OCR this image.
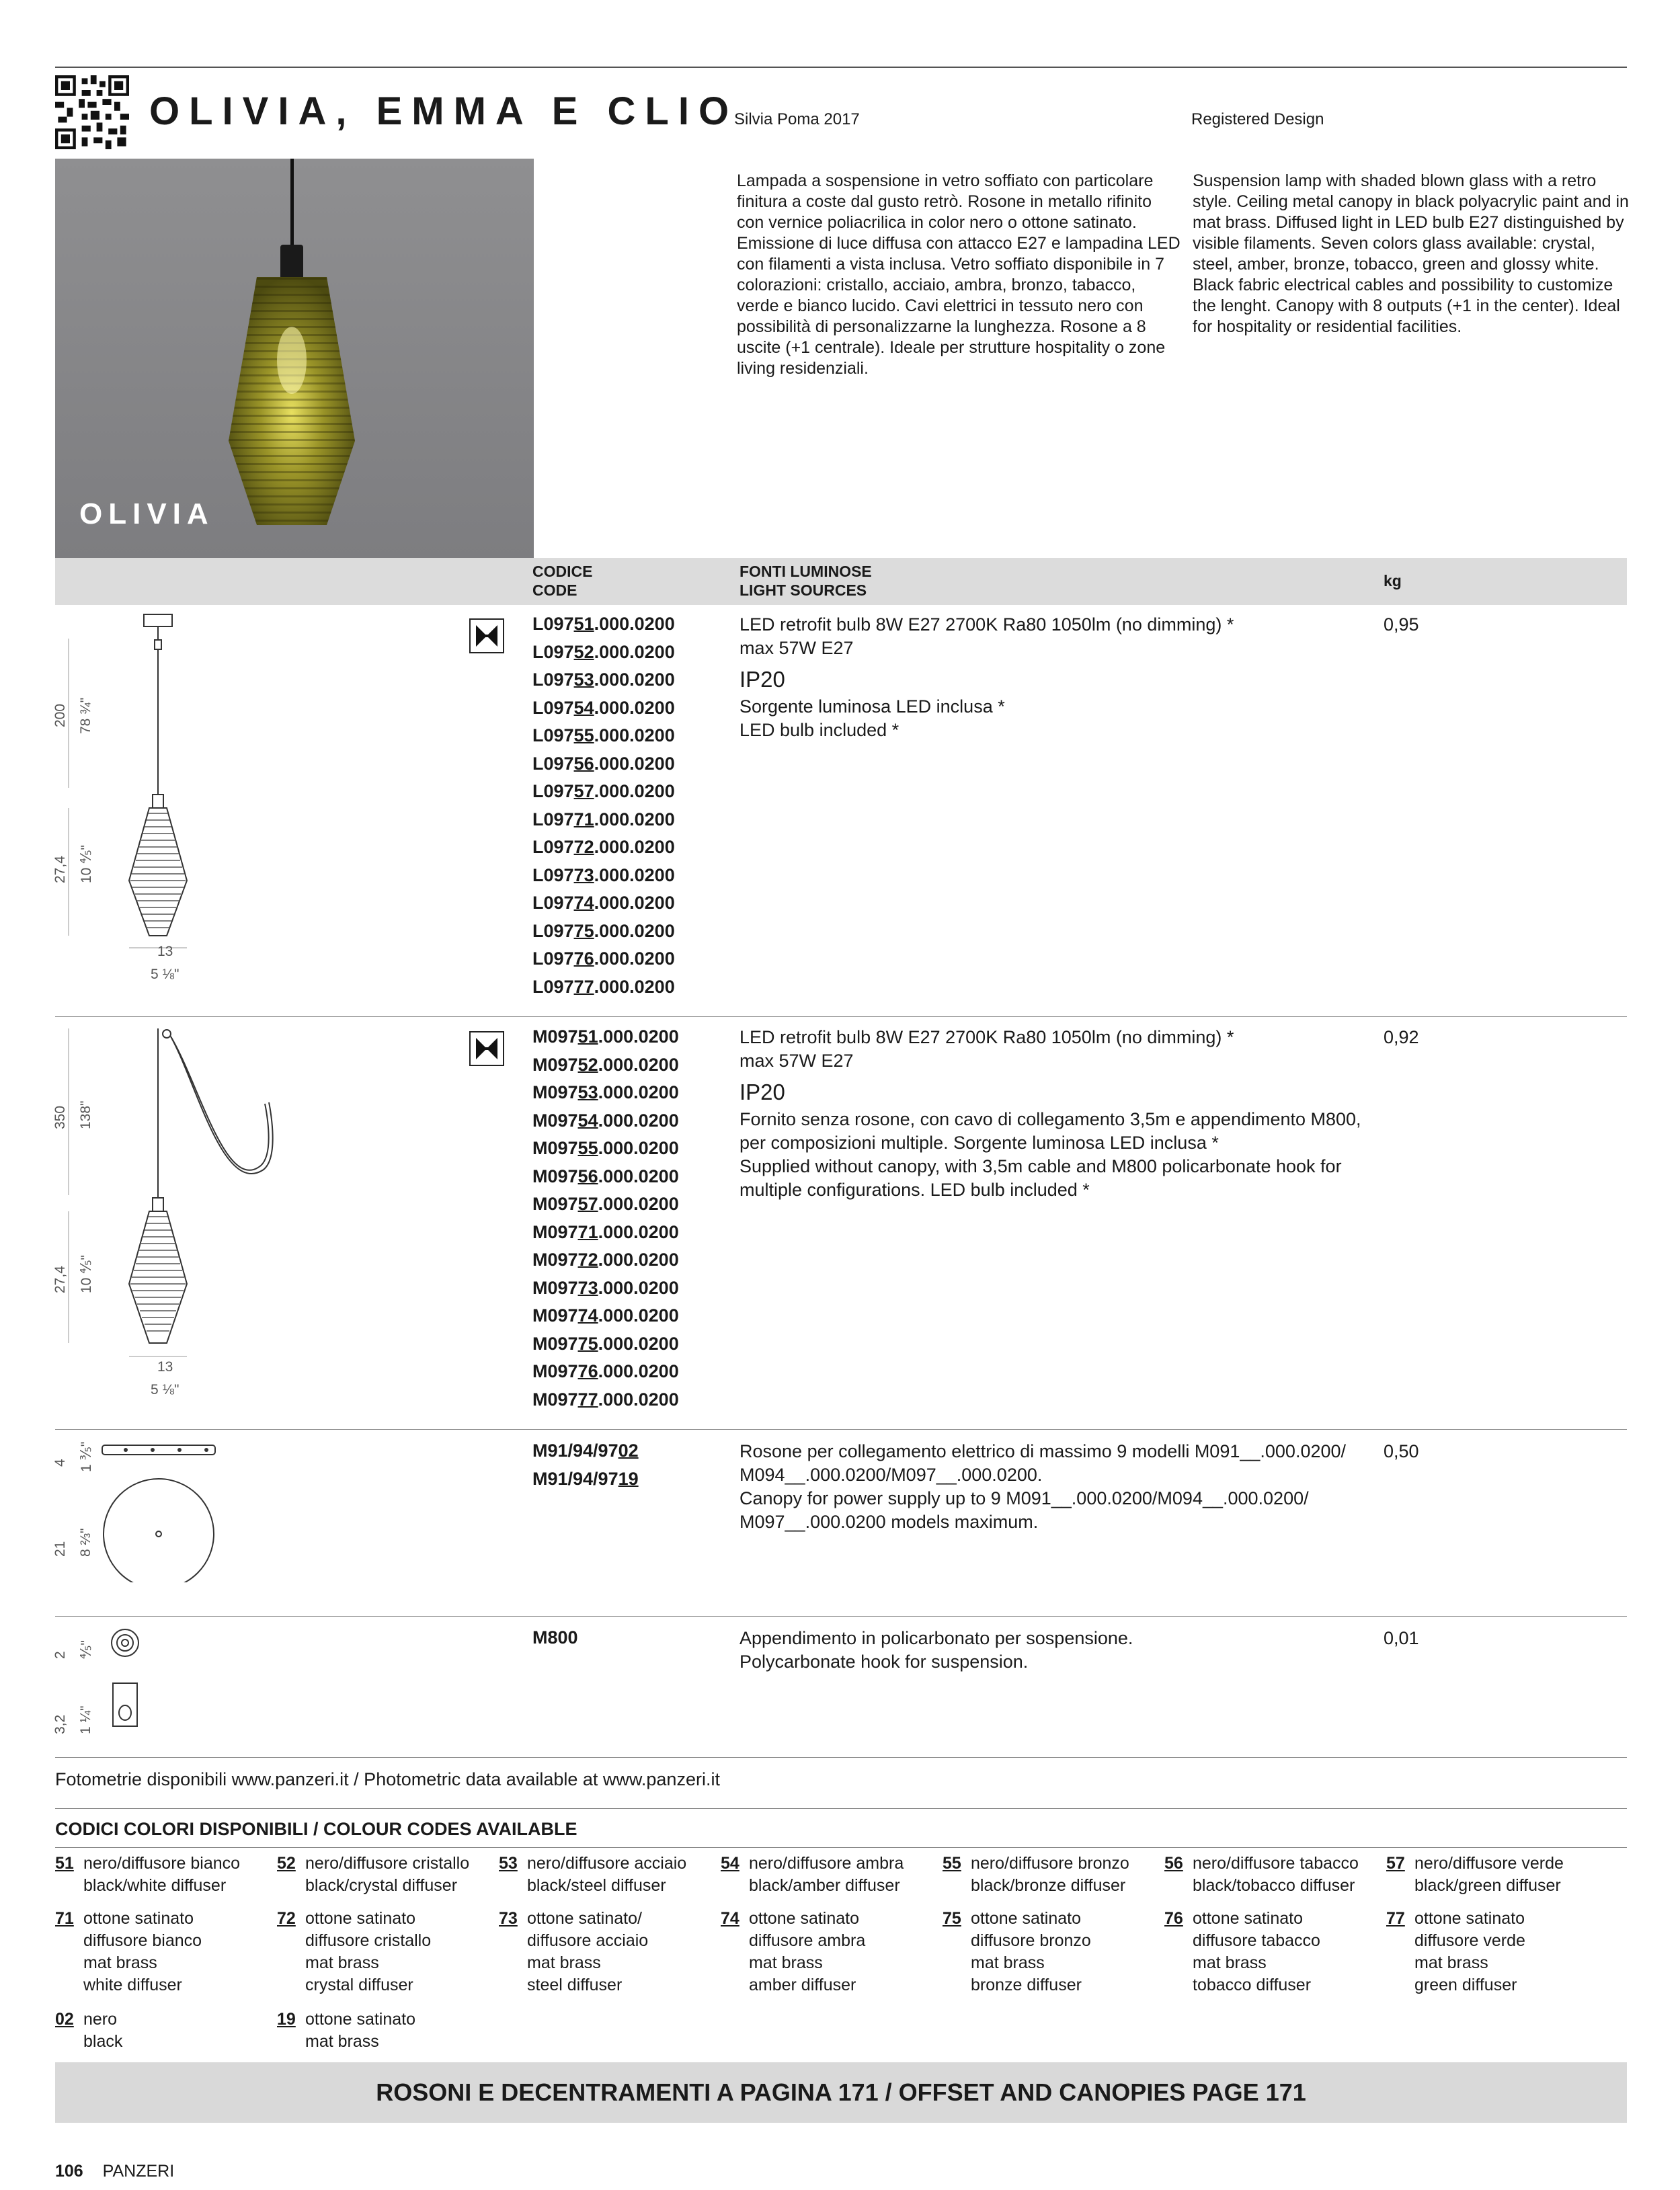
OLIVIA, EMMA E CLIO
Silvia Poma 2017	Registered Design
OLIVIA
Lampada a sospensione in vetro soffiato con particolare finitura a coste dal gusto retrò. Rosone in metallo rifinito con vernice poliacrilica in color nero o ottone satinato. Emissione di luce diffusa con attacco E27 e lampadina LED con filamenti a vista inclusa. Vetro soffiato disponibile in 7 colorazioni: cristallo, acciaio, ambra, bronzo, tabacco, verde e bianco lucido. Cavi elettrici in tessuto nero con possibilità di personalizzarne la lunghezza. Rosone a 8 uscite (+1 centrale). Ideale per strutture hospitality o zone living residenziali.
Suspension lamp with shaded blown glass with a retro style. Ceiling metal canopy in black polyacrylic paint and in mat brass. Diffused light in LED bulb E27 distinguished by visible filaments. Seven colors glass available: crystal, steel, amber, bronze, tobacco, green and glossy white. Black fabric electrical cables and possibility to customize the lenght. Canopy with 8 outputs (+1 in the center). Ideal for hospitality or residential facilities.
CODICE
CODE
FONTI LUMINOSE
LIGHT SOURCES
kg
200 78 ¾"
27,4 10 ⅘"
13
5 ⅛"
L09751.000.0200
L09752.000.0200
L09753.000.0200
L09754.000.0200
L09755.000.0200
L09756.000.0200
L09757.000.0200
L09771.000.0200
L09772.000.0200
L09773.000.0200
L09774.000.0200
L09775.000.0200
L09776.000.0200
L09777.000.0200
LED retrofit bulb 8W E27 2700K Ra80 1050lm (no dimming) *
max 57W E27
IP20
Sorgente luminosa LED inclusa *
LED bulb included *
0,95
350 138"
27,4 10 ⅘"
13
5 ⅛"
M09751.000.0200
M09752.000.0200
M09753.000.0200
M09754.000.0200
M09755.000.0200
M09756.000.0200
M09757.000.0200
M09771.000.0200
M09772.000.0200
M09773.000.0200
M09774.000.0200
M09775.000.0200
M09776.000.0200
M09777.000.0200
LED retrofit bulb 8W E27 2700K Ra80 1050lm (no dimming) *
max 57W E27
IP20
Fornito senza rosone, con cavo di collegamento 3,5m e appendimento M800,
per composizioni multiple. Sorgente luminosa LED inclusa *
Supplied without canopy, with 3,5m cable and M800 policarbonate hook for
multiple configurations. LED bulb included *
0,92
4 1 ⅗"
21 8 ⅔"
M91/94/9702
M91/94/9719
Rosone per collegamento elettrico di massimo 9 modelli M091__.000.0200/
M094__.000.0200/M097__.000.0200.
Canopy for power supply up to 9 M091__.000.0200/M094__.000.0200/
M097__.000.0200 models maximum.
0,50
2 ⅘"
3,2 1 ¼"
M800	Appendimento in policarbonato per sospensione.
Polycarbonate hook for suspension.
0,01
Fotometrie disponibili www.panzeri.it / Photometric data available at www.panzeri.it
CODICI COLORI DISPONIBILI / COLOUR CODES AVAILABLE
51 nero/diffusore bianco
black/white diffuser
52 nero/diffusore cristallo
black/crystal diffuser
53 nero/diffusore acciaio
black/steel diffuser
54 nero/diffusore ambra
black/amber diffuser
55 nero/diffusore bronzo
black/bronze diffuser
56 nero/diffusore tabacco
black/tobacco diffuser
57 nero/diffusore verde
black/green diffuser
71 ottone satinato
diffusore bianco
mat brass
white diffuser
72 ottone satinato
diffusore cristallo
mat brass
crystal diffuser
73 ottone satinato/
diffusore acciaio
mat brass
steel diffuser
74 ottone satinato
diffusore ambra
mat brass
amber diffuser
75 ottone satinato
diffusore bronzo
mat brass
bronze diffuser
76 ottone satinato
diffusore tabacco
mat brass
tobacco diffuser
77 ottone satinato
diffusore verde
mat brass
green diffuser
02 nero
black
19 ottone satinato
mat brass
ROSONI E DECENTRAMENTI A PAGINA 171 / OFFSET AND CANOPIES PAGE 171
106 PANZERI
